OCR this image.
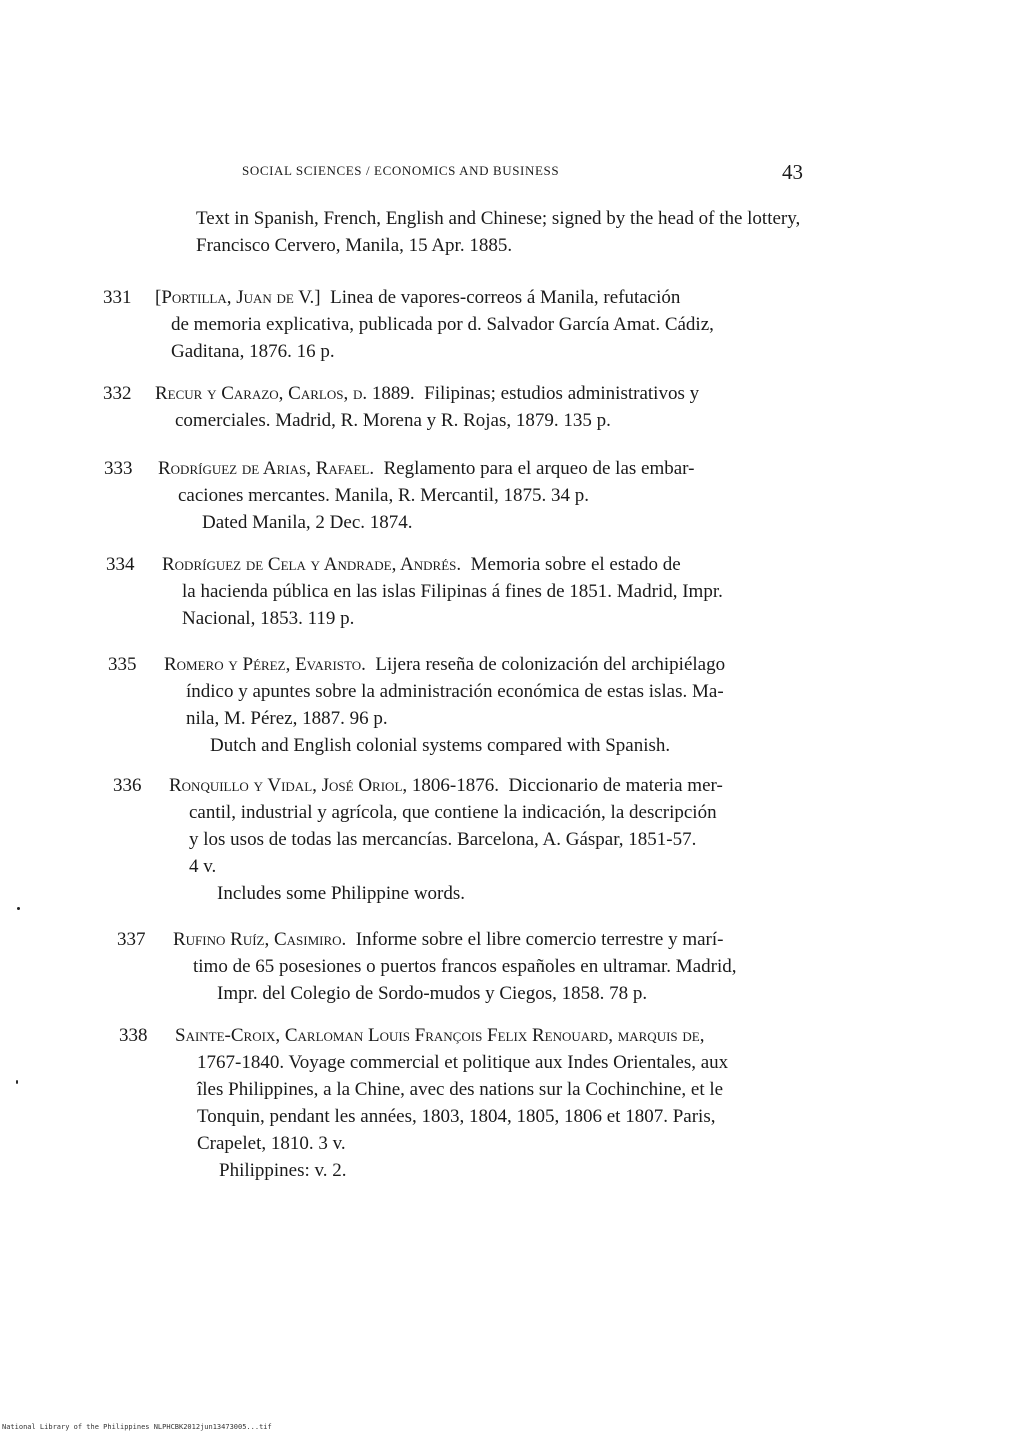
SOCIAL SCIENCES / ECONOMICS AND BUSINESS	43
Text in Spanish, French, English and Chinese; signed by the head of the lottery, Francisco Cervero, Manila, 15 Apr. 1885.
331 [Portilla, Juan de V.] Linea de vapores-correos á Manila, refutación
de memoria explicativa, publicada por d. Salvador García Amat. Cádiz,
Gaditana, 1876. 16 p.
332 Recur y Carazo, Carlos, d. 1889. Filipinas; estudios administrativos y
comerciales. Madrid, R. Morena y R. Rojas, 1879. 135 p.
333 Rodríguez de Arias, Rafael. Reglamento para el arqueo de las embar-
caciones mercantes. Manila, R. Mercantil, 1875. 34 p.
Dated Manila, 2 Dec. 1874.
334 Rodríguez de Cela y Andrade, Andrés. Memoria sobre el estado de
la hacienda pública en las islas Filipinas á fines de 1851. Madrid, Impr.
Nacional, 1853. 119 p.
335 Romero y Pérez, Evaristo. Lijera reseña de colonización del archipiélago
índico y apuntes sobre la administración económica de estas islas. Ma-
nila, M. Pérez, 1887. 96 p.
Dutch and English colonial systems compared with Spanish.
336 Ronquillo y Vidal, José Oriol, 1806-1876. Diccionario de materia mer-
cantil, industrial y agrícola, que contiene la indicación, la descripción
y los usos de todas las mercancías. Barcelona, A. Gáspar, 1851-57.
4 v.
Includes some Philippine words.
337 Rufino Ruíz, Casimiro. Informe sobre el libre comercio terrestre y marí-
timo de 65 posesiones o puertos francos españoles en ultramar. Madrid,
Impr. del Colegio de Sordo-mudos y Ciegos, 1858. 78 p.
338 Sainte-Croix, Carloman Louis François Felix Renouard, marquis de,
1767-1840. Voyage commercial et politique aux Indes Orientales, aux
îles Philippines, a la Chine, avec des nations sur la Cochinchine, et le
Tonquin, pendant les années, 1803, 1804, 1805, 1806 et 1807. Paris,
Crapelet, 1810. 3 v.
Philippines: v. 2.
National Library of the Philippines NLPHCBK2012jun13473005...tif
